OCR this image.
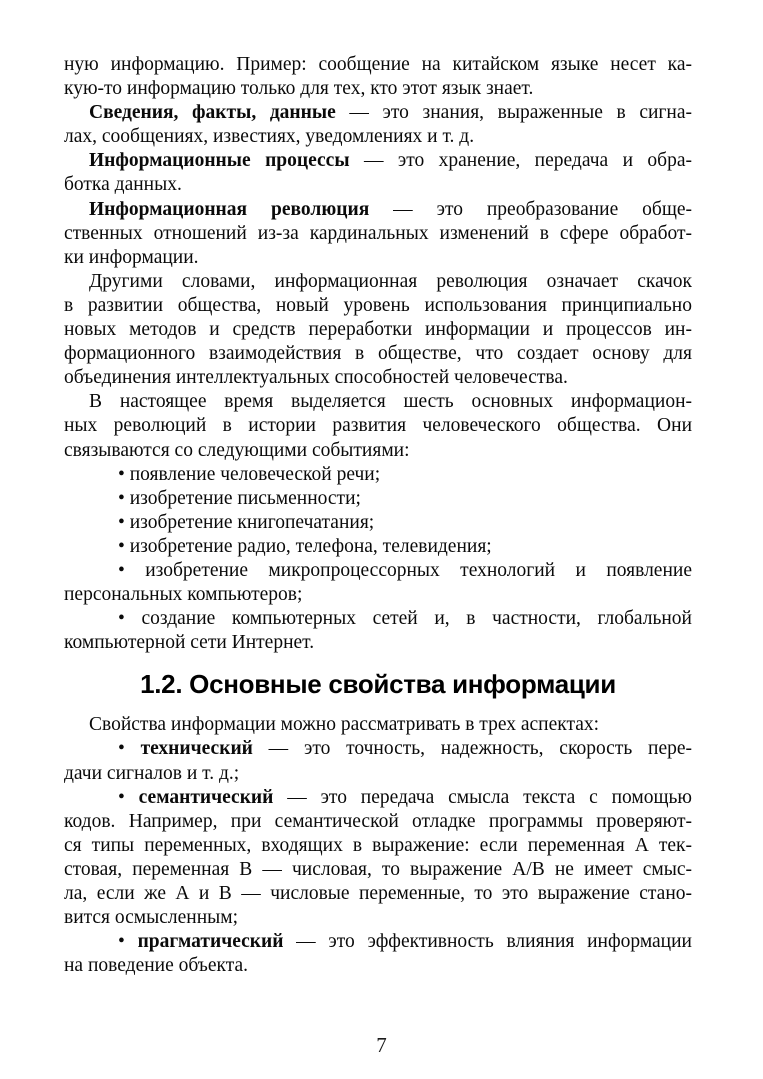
ную информацию. Пример: сообщение на китайском языке несет ка-
кую-то информацию только для тех, кто этот язык знает.
Сведения, факты, данные — это знания, выраженные в сигна-
лах, сообщениях, известиях, уведомлениях и т. д.
Информационные процессы — это хранение, передача и обра-
ботка данных.
Информационная революция — это преобразование обще-
ственных отношений из-за кардинальных изменений в сфере обработ-
ки информации.
Другими словами, информационная революция означает скачок
в развитии общества, новый уровень использования принципиально
новых методов и средств переработки информации и процессов ин-
формационного взаимодействия в обществе, что создает основу для
объединения интеллектуальных способностей человечества.
В настоящее время выделяется шесть основных информацион-
ных революций в истории развития человеческого общества. Они
связываются со следующими событиями:
• появление человеческой речи;
• изобретение письменности;
• изобретение книгопечатания;
• изобретение радио, телефона, телевидения;
• изобретение микропроцессорных технологий и появление
персональных компьютеров;
• создание компьютерных сетей и, в частности, глобальной
компьютерной сети Интернет.
1.2. Основные свойства информации
Свойства информации можно рассматривать в трех аспектах:
• технический — это точность, надежность, скорость пере-
дачи сигналов и т. д.;
• семантический — это передача смысла текста с помощью
кодов. Например, при семантической отладке программы проверяют-
ся типы переменных, входящих в выражение: если переменная А тек-
стовая, переменная В — числовая, то выражение А/В не имеет смыс-
ла, если же А и В — числовые переменные, то это выражение стано-
вится осмысленным;
• прагматический — это эффективность влияния информации
на поведение объекта.
7
